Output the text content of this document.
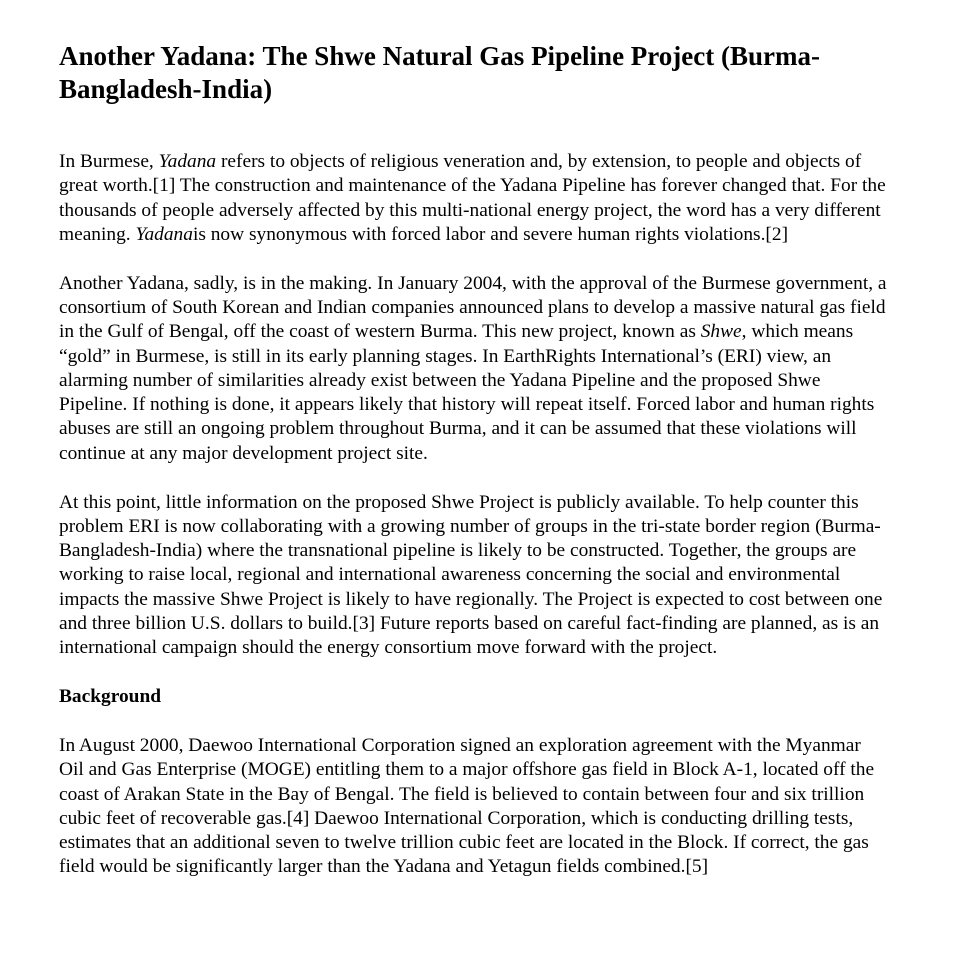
Another Yadana: The Shwe Natural Gas Pipeline Project (Burma-Bangladesh-India)

In Burmese, Yadana refers to objects of religious veneration and, by extension, to people and objects of great worth.[1] The construction and maintenance of the Yadana Pipeline has forever changed that. For the thousands of people adversely affected by this multi-national energy project, the word has a very different meaning. Yadanais now synonymous with forced labor and severe human rights violations.[2]

Another Yadana, sadly, is in the making. In January 2004, with the approval of the Burmese government, a consortium of South Korean and Indian companies announced plans to develop a massive natural gas field in the Gulf of Bengal, off the coast of western Burma. This new project, known as Shwe, which means “gold” in Burmese, is still in its early planning stages. In EarthRights International’s (ERI) view, an alarming number of similarities already exist between the Yadana Pipeline and the proposed Shwe Pipeline. If nothing is done, it appears likely that history will repeat itself. Forced labor and human rights abuses are still an ongoing problem throughout Burma, and it can be assumed that these violations will continue at any major development project site.

At this point, little information on the proposed Shwe Project is publicly available. To help counter this problem ERI is now collaborating with a growing number of groups in the tri-state border region (Burma-Bangladesh-India) where the transnational pipeline is likely to be constructed. Together, the groups are working to raise local, regional and international awareness concerning the social and environmental impacts the massive Shwe Project is likely to have regionally. The Project is expected to cost between one and three billion U.S. dollars to build.[3] Future reports based on careful fact-finding are planned, as is an international campaign should the energy consortium move forward with the project.

Background

In August 2000, Daewoo International Corporation signed an exploration agreement with the Myanmar Oil and Gas Enterprise (MOGE) entitling them to a major offshore gas field in Block A-1, located off the coast of Arakan State in the Bay of Bengal. The field is believed to contain between four and six trillion cubic feet of recoverable gas.[4] Daewoo International Corporation, which is conducting drilling tests, estimates that an additional seven to twelve trillion cubic feet are located in the Block. If correct, the gas field would be significantly larger than the Yadana and Yetagun fields combined.[5]
